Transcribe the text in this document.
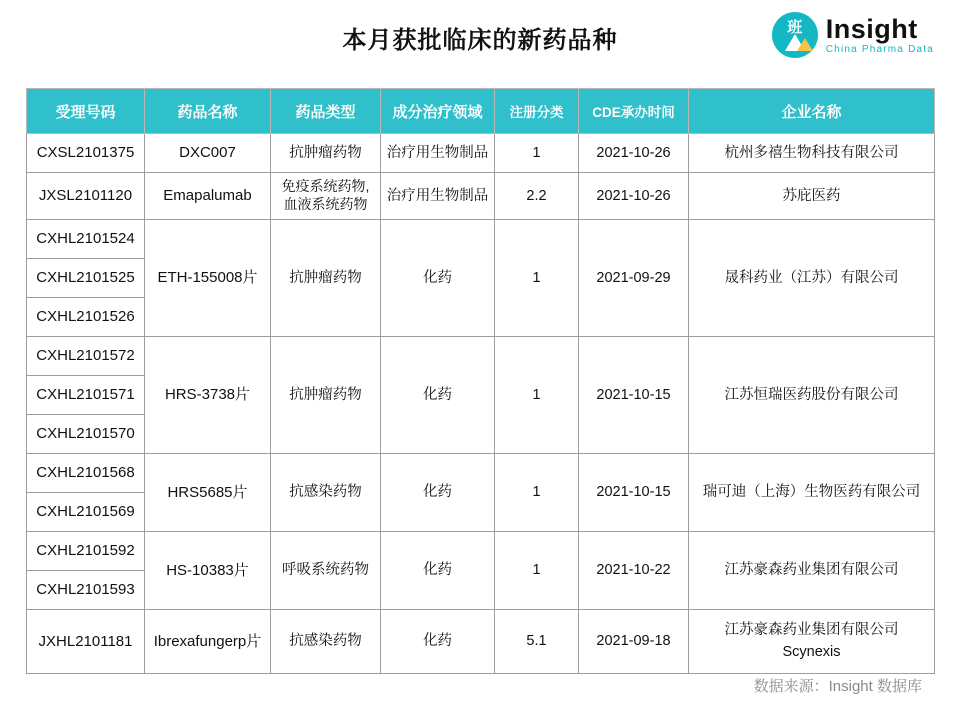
本月获批临床的新药品种	班 Insight
China Pharma Data
受理号码	药品名称	药品类型	成分治疗领域	注册分类	CDE承办时间	企业名称
CXSL2101375	DXC007	抗肿瘤药物	治疗用生物制品	1	2021-10-26	杭州多禧生物科技有限公司
JXSL2101120	Emapalumab	免疫系统药物,血液系统药物	治疗用生物制品	2.2	2021-10-26	苏庇医药
CXHL2101524	ETH-155008片	抗肿瘤药物	化药	1	2021-09-29	晟科药业（江苏）有限公司
CXHL2101525						
CXHL2101526						
CXHL2101572	HRS-3738片	抗肿瘤药物	化药	1	2021-10-15	江苏恒瑞医药股份有限公司
CXHL2101571						
CXHL2101570						
CXHL2101568	HRS5685片	抗感染药物	化药	1	2021-10-15	瑞可迪（上海）生物医药有限公司
CXHL2101569						
CXHL2101592	HS-10383片	呼吸系统药物	化药	1	2021-10-22	江苏豪森药业集团有限公司
CXHL2101593						
JXHL2101181	Ibrexafungerp片	抗感染药物	化药	5.1	2021-09-18	江苏豪森药业集团有限公司
Scynexis
数据来源：Insight 数据库
